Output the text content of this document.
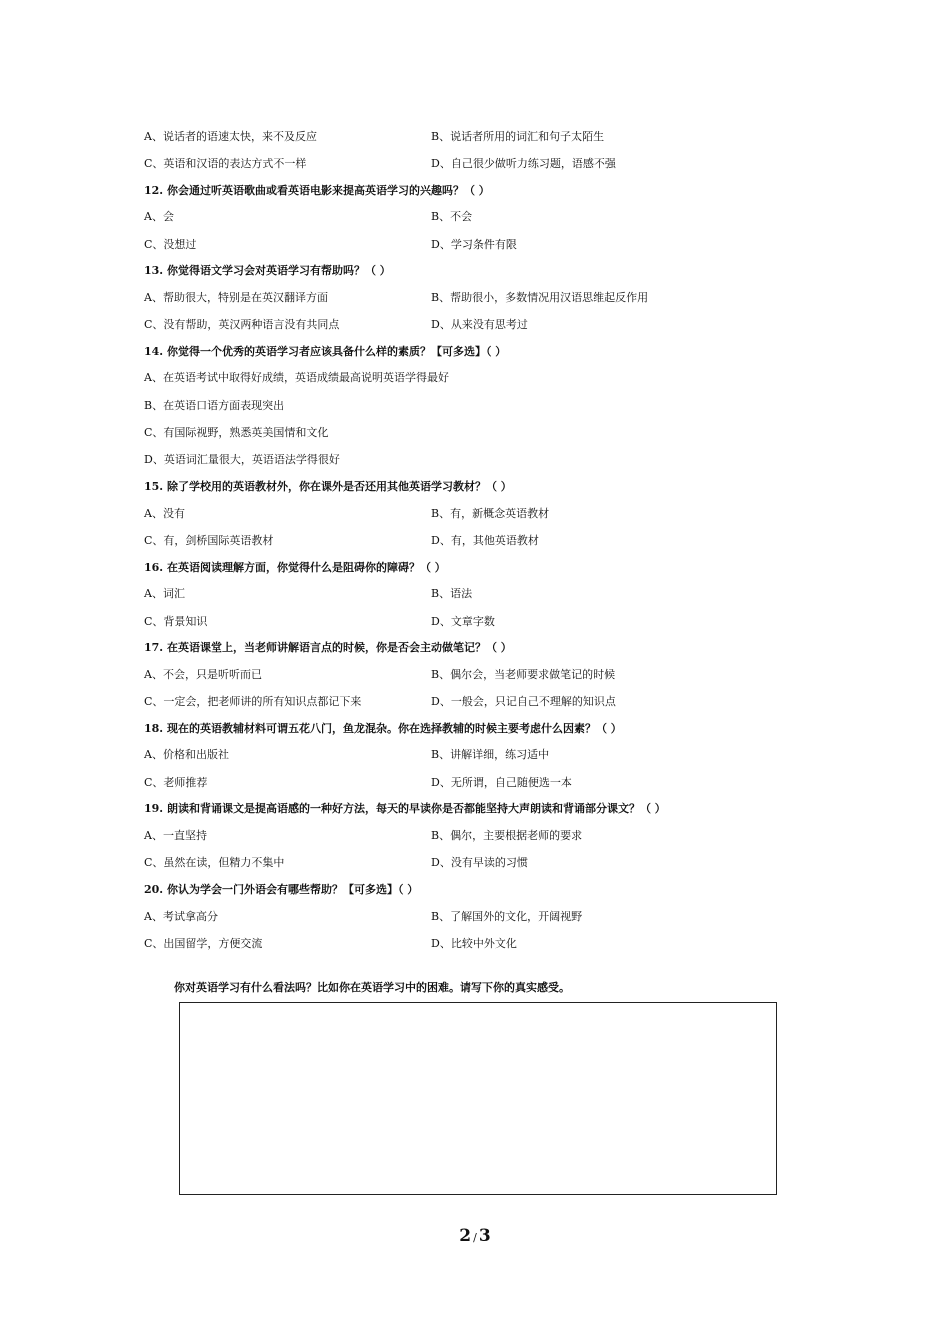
A、说话者的语速太快，来不及反应	B、说话者所用的词汇和句子太陌生
C、英语和汉语的表达方式不一样	D、自己很少做听力练习题，语感不强
12. 你会通过听英语歌曲或看英语电影来提高英语学习的兴趣吗？（ ）
A、会	B、不会
C、没想过	D、学习条件有限
13. 你觉得语文学习会对英语学习有帮助吗？（ ）
A、帮助很大，特别是在英汉翻译方面	B、帮助很小，多数情况用汉语思维起反作用
C、没有帮助，英汉两种语言没有共同点	D、从来没有思考过
14. 你觉得一个优秀的英语学习者应该具备什么样的素质？【可多选】（ ）
A、在英语考试中取得好成绩，英语成绩最高说明英语学得最好
B、在英语口语方面表现突出
C、有国际视野，熟悉英美国情和文化
D、英语词汇量很大，英语语法学得很好
15. 除了学校用的英语教材外，你在课外是否还用其他英语学习教材？（ ）
A、没有	B、有，新概念英语教材
C、有，剑桥国际英语教材	D、有，其他英语教材
16. 在英语阅读理解方面，你觉得什么是阻碍你的障碍？（ ）
A、词汇	B、语法
C、背景知识	D、文章字数
17. 在英语课堂上，当老师讲解语言点的时候，你是否会主动做笔记？（ ）
A、不会，只是听听而已	B、偶尔会，当老师要求做笔记的时候
C、一定会，把老师讲的所有知识点都记下来	D、一般会，只记自己不理解的知识点
18. 现在的英语教辅材料可谓五花八门，鱼龙混杂。你在选择教辅的时候主要考虑什么因素？（ ）
A、价格和出版社	B、讲解详细，练习适中
C、老师推荐	D、无所谓，自己随便选一本
19. 朗读和背诵课文是提高语感的一种好方法，每天的早读你是否都能坚持大声朗读和背诵部分课文？（ ）
A、一直坚持	B、偶尔，主要根据老师的要求
C、虽然在读，但精力不集中	D、没有早读的习惯
20. 你认为学会一门外语会有哪些帮助？【可多选】（ ）
A、考试拿高分	B、了解国外的文化，开阔视野
C、出国留学，方便交流	D、比较中外文化
你对英语学习有什么看法吗？比如你在英语学习中的困难。请写下你的真实感受。
2 / 3
